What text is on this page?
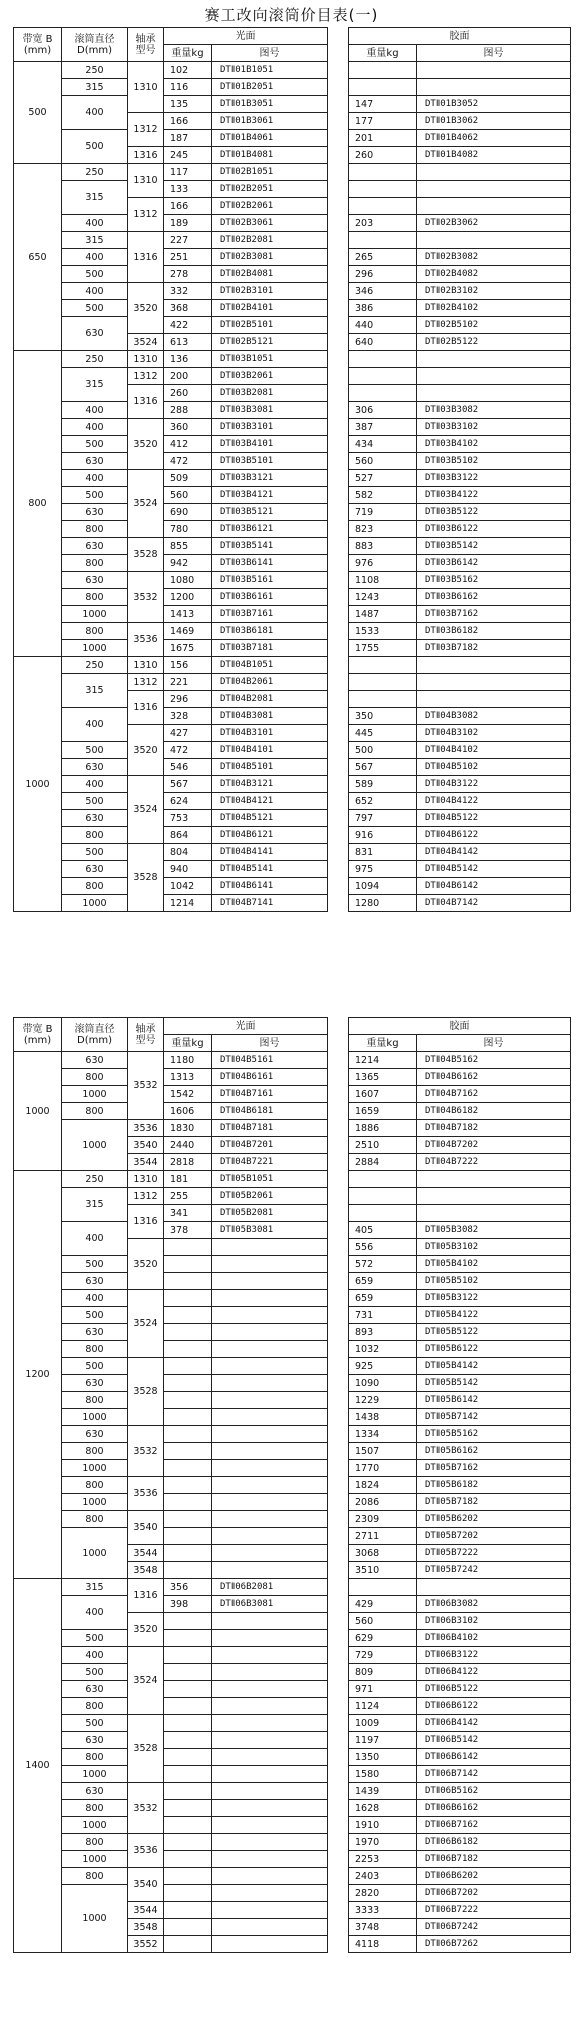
赛工改向滚筒价目表(一)
带宽 B
(mm)	滚筒直径
D(mm)	轴承
型号	光面			胶面	
			重量kg	图号		重量kg	图号
500	250	1310	102	DTⅡ01B1051			
	315		116	DTⅡ01B2051			
	400		135	DTⅡ01B3051		147	DTⅡ01B3052
		1312	166	DTⅡ01B3061		177	DTⅡ01B3062
	500		187	DTⅡ01B4061		201	DTⅡ01B4062
		1316	245	DTⅡ01B4081		260	DTⅡ01B4082
650	250	1310	117	DTⅡ02B1051			
	315		133	DTⅡ02B2051			
		1312	166	DTⅡ02B2061			
	400		189	DTⅡ02B3061		203	DTⅡ02B3062
	315	1316	227	DTⅡ02B2081			
	400		251	DTⅡ02B3081		265	DTⅡ02B3082
	500		278	DTⅡ02B4081		296	DTⅡ02B4082
	400	3520	332	DTⅡ02B3101		346	DTⅡ02B3102
	500		368	DTⅡ02B4101		386	DTⅡ02B4102
	630		422	DTⅡ02B5101		440	DTⅡ02B5102
		3524	613	DTⅡ02B5121		640	DTⅡ02B5122
800	250	1310	136	DTⅡ03B1051			
	315	1312	200	DTⅡ03B2061			
		1316	260	DTⅡ03B2081			
	400		288	DTⅡ03B3081		306	DTⅡ03B3082
	400	3520	360	DTⅡ03B3101		387	DTⅡ03B3102
	500		412	DTⅡ03B4101		434	DTⅡ03B4102
	630		472	DTⅡ03B5101		560	DTⅡ03B5102
	400	3524	509	DTⅡ03B3121		527	DTⅡ03B3122
	500		560	DTⅡ03B4121		582	DTⅡ03B4122
	630		690	DTⅡ03B5121		719	DTⅡ03B5122
	800		780	DTⅡ03B6121		823	DTⅡ03B6122
	630	3528	855	DTⅡ03B5141		883	DTⅡ03B5142
	800		942	DTⅡ03B6141		976	DTⅡ03B6142
	630	3532	1080	DTⅡ03B5161		1108	DTⅡ03B5162
	800		1200	DTⅡ03B6161		1243	DTⅡ03B6162
	1000		1413	DTⅡ03B7161		1487	DTⅡ03B7162
	800	3536	1469	DTⅡ03B6181		1533	DTⅡ03B6182
	1000		1675	DTⅡ03B7181		1755	DTⅡ03B7182
1000	250	1310	156	DTⅡ04B1051			
	315	1312	221	DTⅡ04B2061			
		1316	296	DTⅡ04B2081			
	400		328	DTⅡ04B3081		350	DTⅡ04B3082
		3520	427	DTⅡ04B3101		445	DTⅡ04B3102
	500		472	DTⅡ04B4101		500	DTⅡ04B4102
	630		546	DTⅡ04B5101		567	DTⅡ04B5102
	400	3524	567	DTⅡ04B3121		589	DTⅡ04B3122
	500		624	DTⅡ04B4121		652	DTⅡ04B4122
	630		753	DTⅡ04B5121		797	DTⅡ04B5122
	800		864	DTⅡ04B6121		916	DTⅡ04B6122
	500	3528	804	DTⅡ04B4141		831	DTⅡ04B4142
	630		940	DTⅡ04B5141		975	DTⅡ04B5142
	800		1042	DTⅡ04B6141		1094	DTⅡ04B6142
	1000		1214	DTⅡ04B7141		1280	DTⅡ04B7142
带宽 B
(mm)	滚筒直径
D(mm)	轴承
型号	光面			胶面	
			重量kg	图号		重量kg	图号
1000	630	3532	1180	DTⅡ04B5161		1214	DTⅡ04B5162
	800		1313	DTⅡ04B6161		1365	DTⅡ04B6162
	1000		1542	DTⅡ04B7161		1607	DTⅡ04B7162
	800		1606	DTⅡ04B6181		1659	DTⅡ04B6182
	1000	3536	1830	DTⅡ04B7181		1886	DTⅡ04B7182
		3540	2440	DTⅡ04B7201		2510	DTⅡ04B7202
		3544	2818	DTⅡ04B7221		2884	DTⅡ04B7222
1200	250	1310	181	DTⅡ05B1051			
	315	1312	255	DTⅡ05B2061			
		1316	341	DTⅡ05B2081			
	400		378	DTⅡ05B3081		405	DTⅡ05B3082
		3520				556	DTⅡ05B3102
	500					572	DTⅡ05B4102
	630					659	DTⅡ05B5102
	400	3524				659	DTⅡ05B3122
	500					731	DTⅡ05B4122
	630					893	DTⅡ05B5122
	800					1032	DTⅡ05B6122
	500	3528				925	DTⅡ05B4142
	630					1090	DTⅡ05B5142
	800					1229	DTⅡ05B6142
	1000					1438	DTⅡ05B7142
	630	3532				1334	DTⅡ05B5162
	800					1507	DTⅡ05B6162
	1000					1770	DTⅡ05B7162
	800	3536				1824	DTⅡ05B6182
	1000					2086	DTⅡ05B7182
	800	3540				2309	DTⅡ05B6202
	1000					2711	DTⅡ05B7202
		3544				3068	DTⅡ05B7222
		3548				3510	DTⅡ05B7242
1400	315	1316	356	DTⅡ06B2081			
	400		398	DTⅡ06B3081		429	DTⅡ06B3082
		3520				560	DTⅡ06B3102
	500					629	DTⅡ06B4102
	400	3524				729	DTⅡ06B3122
	500					809	DTⅡ06B4122
	630					971	DTⅡ06B5122
	800					1124	DTⅡ06B6122
	500	3528				1009	DTⅡ06B4142
	630					1197	DTⅡ06B5142
	800					1350	DTⅡ06B6142
	1000					1580	DTⅡ06B7142
	630	3532				1439	DTⅡ06B5162
	800					1628	DTⅡ06B6162
	1000					1910	DTⅡ06B7162
	800	3536				1970	DTⅡ06B6182
	1000					2253	DTⅡ06B7182
	800	3540				2403	DTⅡ06B6202
	1000					2820	DTⅡ06B7202
		3544				3333	DTⅡ06B7222
		3548				3748	DTⅡ06B7242
		3552				4118	DTⅡ06B7262
